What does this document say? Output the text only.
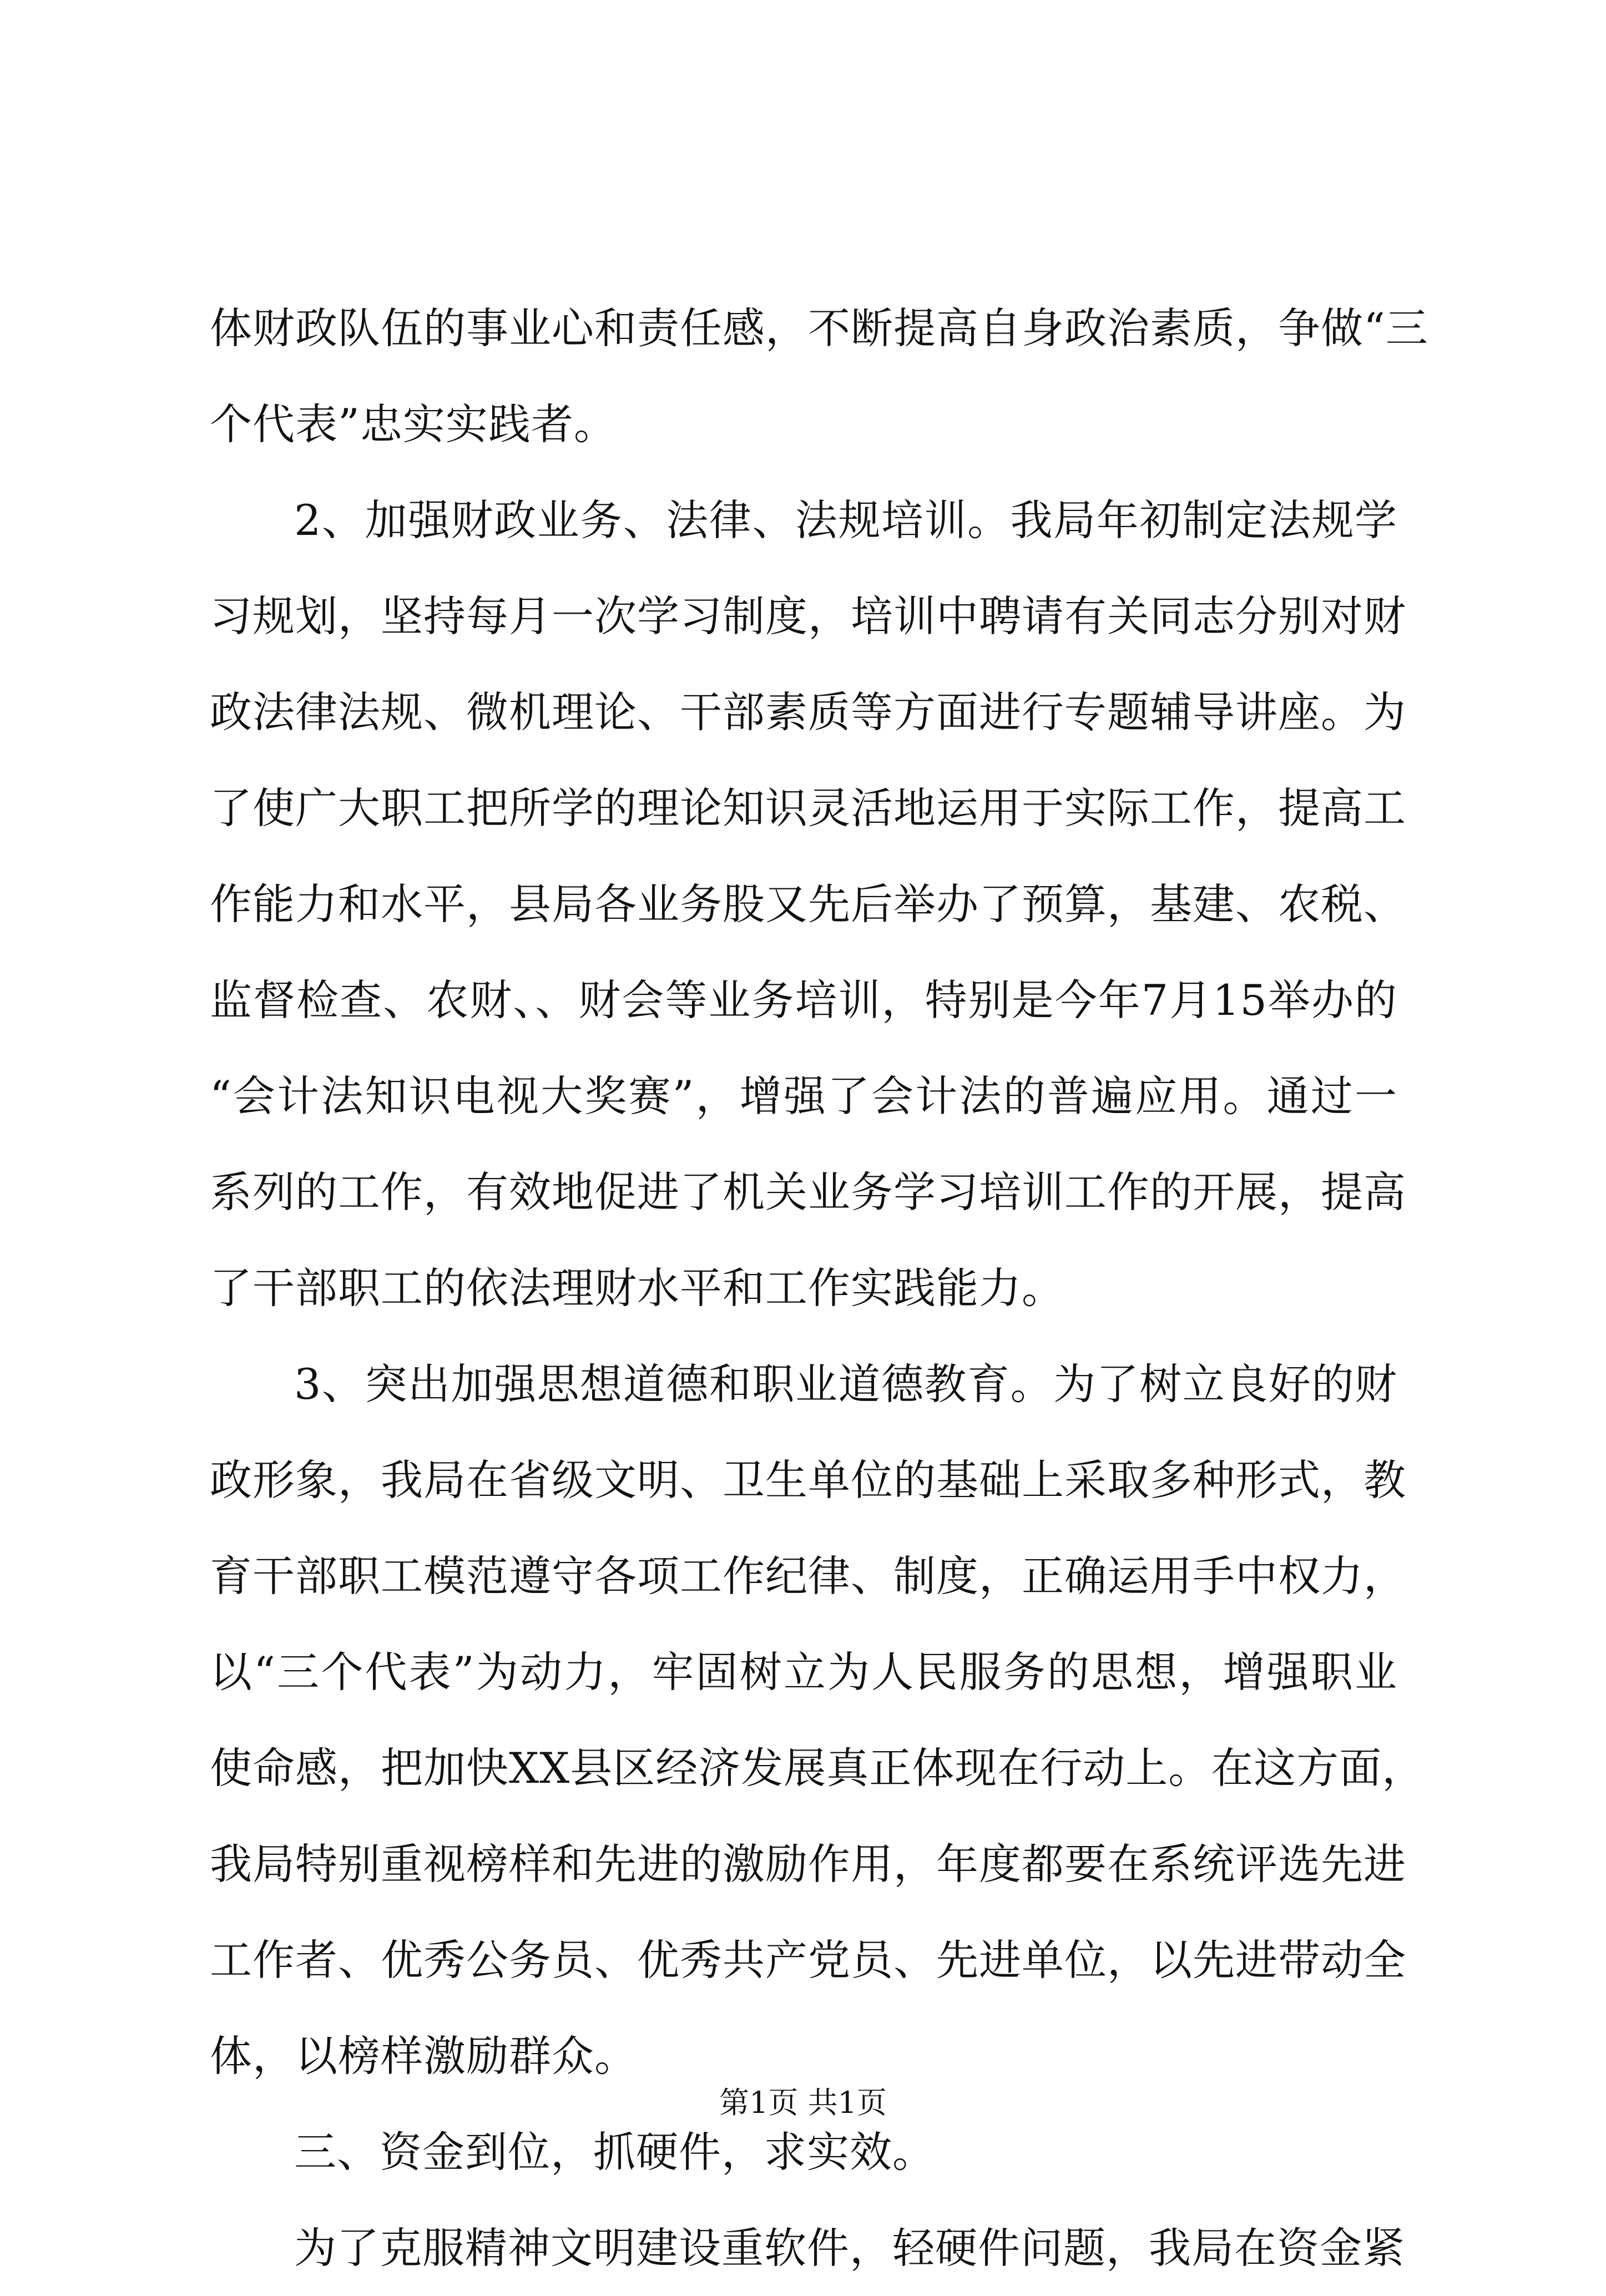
体财政队伍的事业心和责任感，不断提高自身政治素质，争做“三
个代表”忠实实践者。
2、加强财政业务、法律、法规培训。我局年初制定法规学
习规划，坚持每月一次学习制度，培训中聘请有关同志分别对财
政法律法规、微机理论、干部素质等方面进行专题辅导讲座。为
了使广大职工把所学的理论知识灵活地运用于实际工作，提高工
作能力和水平，县局各业务股又先后举办了预算，基建、农税、
监督检查、农财、、财会等业务培训，特别是今年7月15举办的
“会计法知识电视大奖赛”，增强了会计法的普遍应用。通过一
系列的工作，有效地促进了机关业务学习培训工作的开展，提高
了干部职工的依法理财水平和工作实践能力。
3、突出加强思想道德和职业道德教育。为了树立良好的财
政形象，我局在省级文明、卫生单位的基础上采取多种形式，教
育干部职工模范遵守各项工作纪律、制度，正确运用手中权力，
以“三个代表”为动力，牢固树立为人民服务的思想，增强职业
使命感，把加快XX县区经济发展真正体现在行动上。在这方面，
我局特别重视榜样和先进的激励作用，年度都要在系统评选先进
工作者、优秀公务员、优秀共产党员、先进单位，以先进带动全
体，以榜样激励群众。
三、资金到位，抓硬件，求实效。
为了克服精神文明建设重软件，轻硬件问题，我局在资金紧
第1页 共1页
